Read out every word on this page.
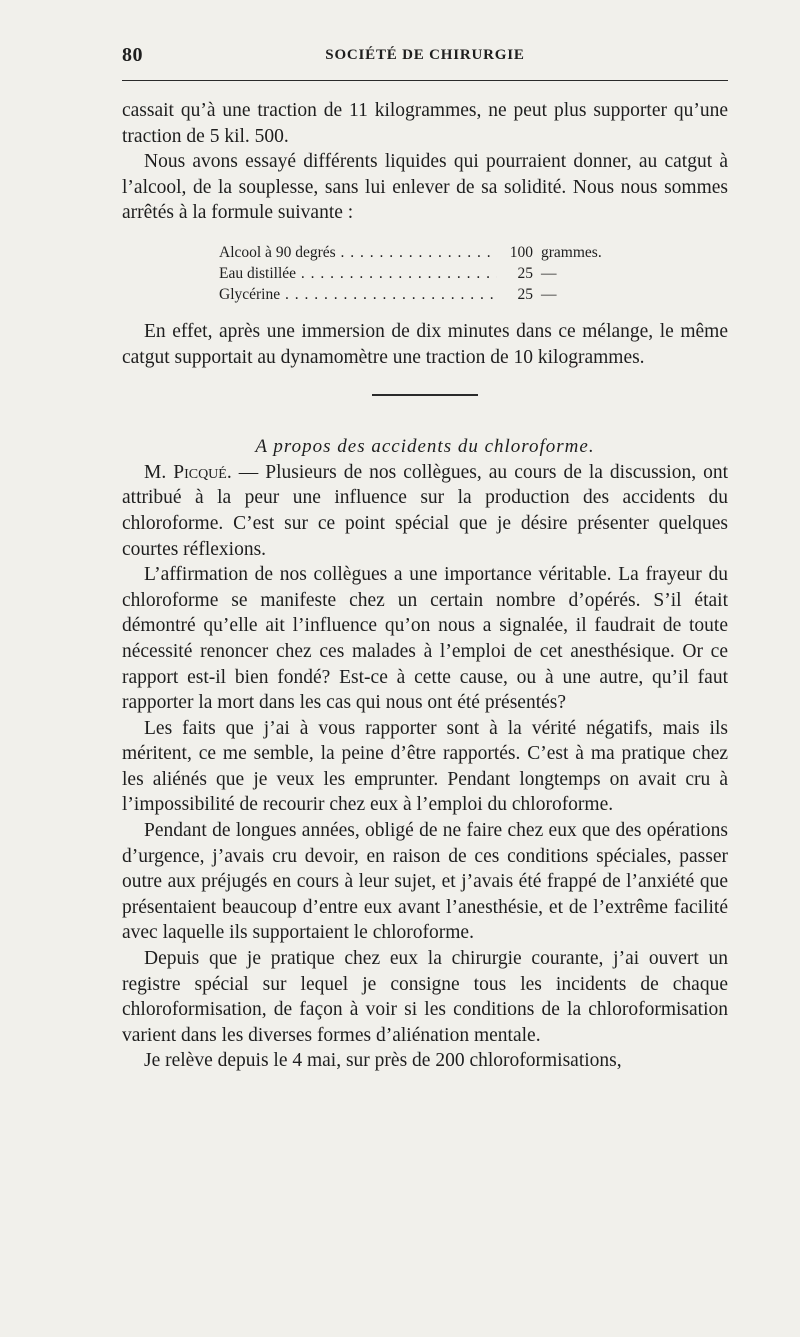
80	SOCIÉTÉ DE CHIRURGIE

cassait qu’à une traction de 11 kilogrammes, ne peut plus supporter qu’une traction de 5 kil. 500.

Nous avons essayé différents liquides qui pourraient donner, au catgut à l’alcool, de la souplesse, sans lui enlever de sa solidité. Nous nous sommes arrêtés à la formule suivante :

Alcool à 90 degrés . . .	100 grammes.
Eau distillée . . .	25 —
Glycérine . . .	25 —

En effet, après une immersion de dix minutes dans ce mélange, le même catgut supportait au dynamomètre une traction de 10 kilogrammes.

A propos des accidents du chloroforme.

M. Picqué. — Plusieurs de nos collègues, au cours de la discussion, ont attribué à la peur une influence sur la production des accidents du chloroforme. C’est sur ce point spécial que je désire présenter quelques courtes réflexions.

L’affirmation de nos collègues a une importance véritable. La frayeur du chloroforme se manifeste chez un certain nombre d’opérés. S’il était démontré qu’elle ait l’influence qu’on nous a signalée, il faudrait de toute nécessité renoncer chez ces malades à l’emploi de cet anesthésique. Or ce rapport est-il bien fondé? Est-ce à cette cause, ou à une autre, qu’il faut rapporter la mort dans les cas qui nous ont été présentés?

Les faits que j’ai à vous rapporter sont à la vérité négatifs, mais ils méritent, ce me semble, la peine d’être rapportés. C’est à ma pratique chez les aliénés que je veux les emprunter. Pendant longtemps on avait cru à l’impossibilité de recourir chez eux à l’emploi du chloroforme.

Pendant de longues années, obligé de ne faire chez eux que des opérations d’urgence, j’avais cru devoir, en raison de ces conditions spéciales, passer outre aux préjugés en cours à leur sujet, et j’avais été frappé de l’anxiété que présentaient beaucoup d’entre eux avant l’anesthésie, et de l’extrême facilité avec laquelle ils supportaient le chloroforme.

Depuis que je pratique chez eux la chirurgie courante, j’ai ouvert un registre spécial sur lequel je consigne tous les incidents de chaque chloroformisation, de façon à voir si les conditions de la chloroformisation varient dans les diverses formes d’aliénation mentale.

Je relève depuis le 4 mai, sur près de 200 chloroformisations,
